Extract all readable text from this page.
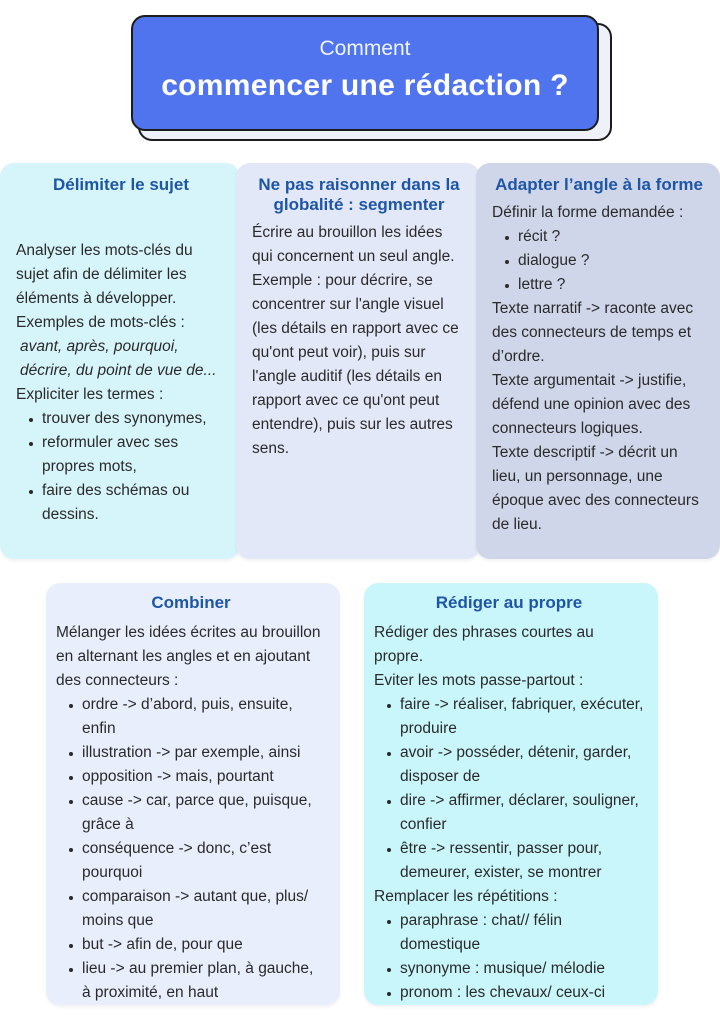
Comment
commencer une rédaction ?
Délimiter le sujet

Analyser les mots-clés du sujet afin de délimiter les éléments à développer.

Exemples de mots-clés :

avant, après, pourquoi, décrire, du point de vue de...

Expliciter les termes :

trouver des synonymes,
reformuler avec ses propres mots,
faire des schémas ou dessins.
Ne pas raisonner dans la globalité : segmenter

Écrire au brouillon les idées qui concernent un seul angle.

Exemple : pour décrire, se concentrer sur l'angle visuel (les détails en rapport avec ce qu'ont peut voir), puis sur l'angle auditif (les détails en rapport avec ce qu'ont peut entendre), puis sur les autres sens.

Adapter l’angle à la forme

Définir la forme demandée :

récit ?
dialogue ?
lettre ?

Texte narratif -> raconte avec des connecteurs de temps et d’ordre.

Texte argumentait -> justifie, défend une opinion avec des connecteurs logiques.

Texte descriptif -> décrit un lieu, un personnage, une époque avec des connecteurs de lieu.

Combiner

Mélanger les idées écrites au brouillon en alternant les angles et en ajoutant des connecteurs :

ordre -> d’abord, puis, ensuite, enfin
illustration -> par exemple, ainsi
opposition -> mais, pourtant
cause -> car, parce que, puisque, grâce à
conséquence -> donc, c’est pourquoi
comparaison -> autant que, plus/ moins que
but -> afin de, pour que
lieu -> au premier plan, à gauche, à proximité, en haut
Rédiger au propre

Rédiger des phrases courtes au propre.

Eviter les mots passe-partout :

faire -> réaliser, fabriquer, exécuter, produire
avoir -> posséder, détenir, garder, disposer de
dire -> affirmer, déclarer, souligner, confier
être -> ressentir, passer pour, demeurer, exister, se montrer

Remplacer les répétitions :

paraphrase : chat// félin domestique
synonyme : musique/ mélodie
pronom : les chevaux/ ceux-ci
